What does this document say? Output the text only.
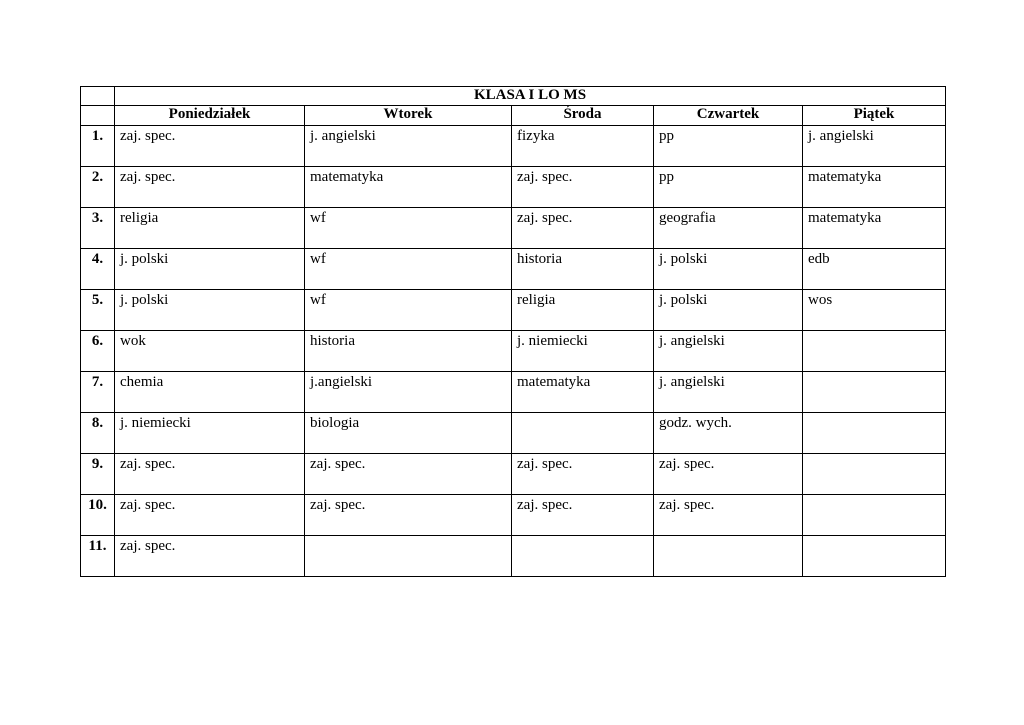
	KLASA I LO MS				
	Poniedziałek	Wtorek	Środa	Czwartek	Piątek
1.	zaj. spec.	j. angielski	fizyka	pp	j. angielski
2.	zaj. spec.	matematyka	zaj. spec.	pp	matematyka
3.	religia	wf	zaj. spec.	geografia	matematyka
4.	j. polski	wf	historia	j. polski	edb
5.	j. polski	wf	religia	j. polski	wos
6.	wok	historia	j. niemiecki	j. angielski	
7.	chemia	j.angielski	matematyka	j. angielski	
8.	j. niemiecki	biologia		godz. wych.	
9.	zaj. spec.	zaj. spec.	zaj. spec.	zaj. spec.	
10.	zaj. spec.	zaj. spec.	zaj. spec.	zaj. spec.	
11.	zaj. spec.				
